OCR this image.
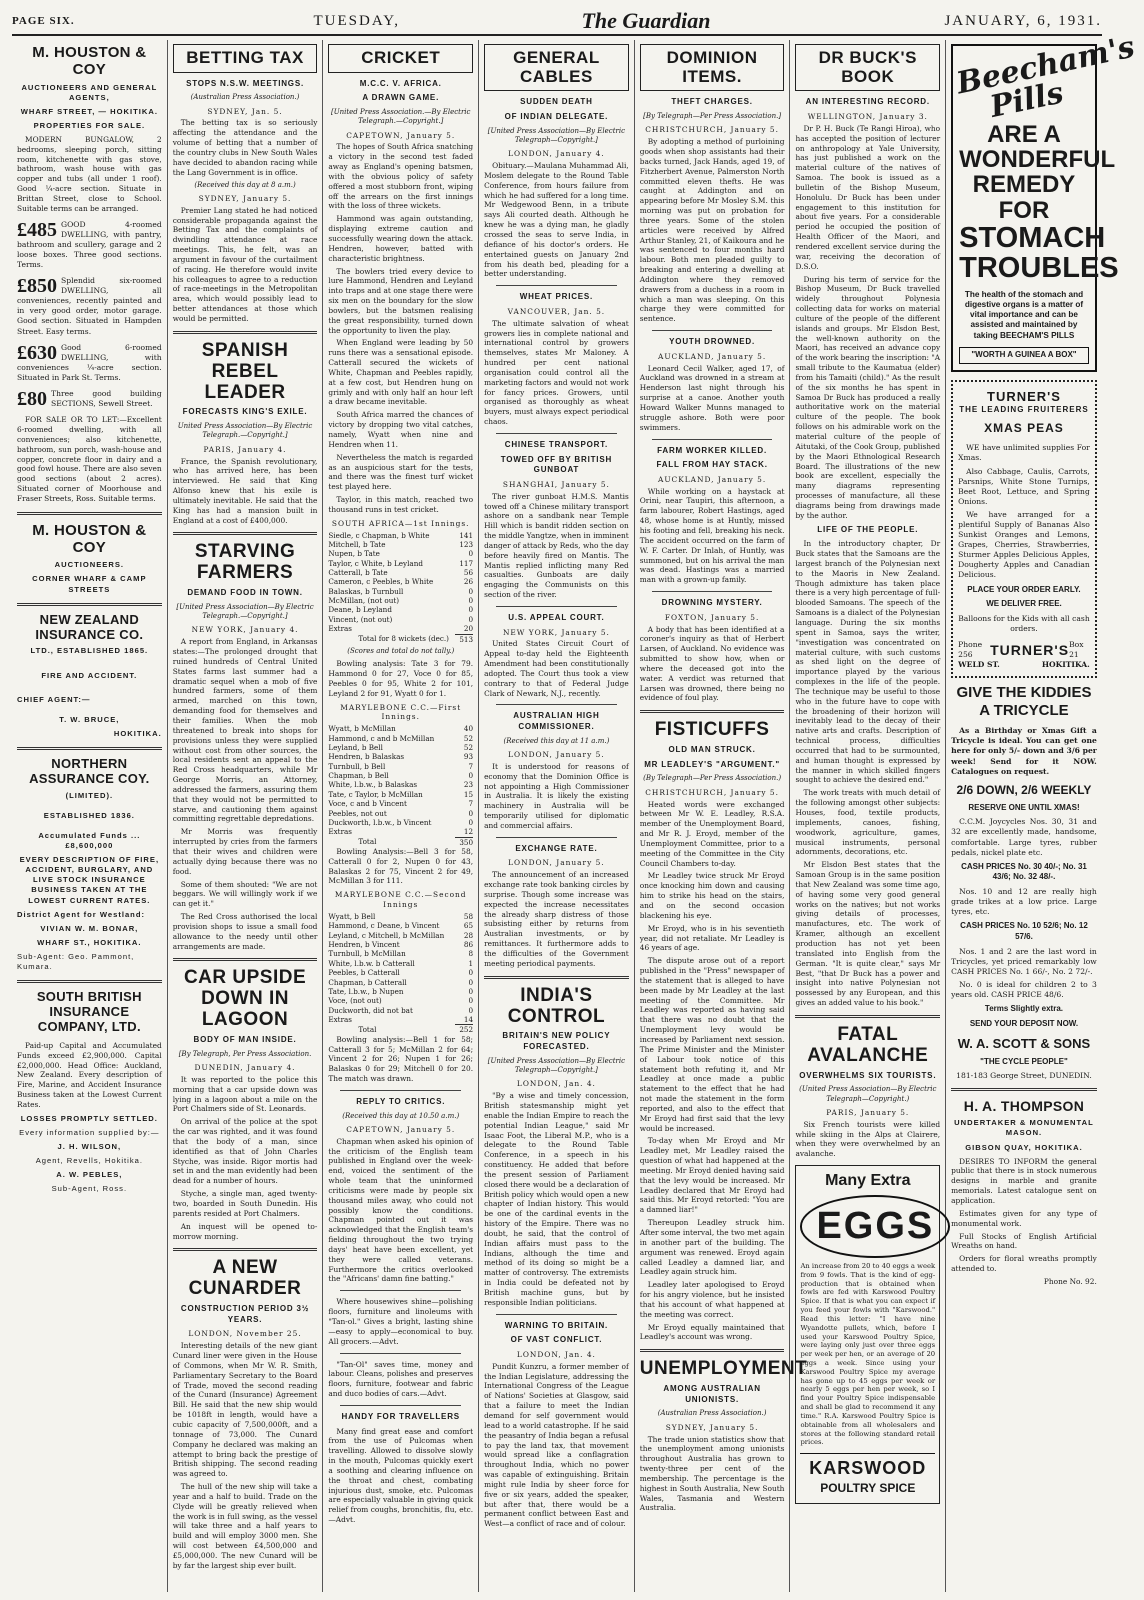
PAGE SIX.	TUESDAY,	The Guardian	JANUARY, 6, 1931.
M. HOUSTON & COY
AUCTIONEERS AND GENERAL AGENTS,
WHARF STREET, — HOKITIKA.
PROPERTIES FOR SALE.

MODERN BUNGALOW, 2 bedrooms, sleeping porch, sitting room, kitchenette with gas stove, bathroom, wash house with gas copper and tubs (all under 1 roof). Good ¼-acre section. Situate in Brittan Street, close to School. Suitable terms can be arranged.

£485 GOOD 4-roomed DWELLING, with pantry, bathroom and scullery, garage and 2 loose boxes. Three good sections. Terms.
£850 Splendid six-roomed DWELLING, all conveniences, recently painted and in very good order, motor garage. Good section. Situated in Hampden Street. Easy terms.
£630 Good 6-roomed DWELLING, with conveniences ¼-acre section. Situated in Park St. Terms.
£80 Three good building SECTIONS, Sewell Street.

FOR SALE OR TO LET:—Excellent 6-roomed dwelling, with all conveniences; also kitchenette, bathroom, sun porch, wash-house and copper, concrete floor in dairy and a good fowl house. There are also seven good sections (about 2 acres). Situated corner of Moorhouse and Fraser Streets, Ross. Suitable terms.

M. HOUSTON & COY
AUCTIONEERS.
CORNER WHARF & CAMP STREETS
NEW ZEALAND INSURANCE CO.
LTD., ESTABLISHED 1865.
FIRE AND ACCIDENT.
CHIEF AGENT:—
T. W. BRUCE,
HOKITIKA.
NORTHERN ASSURANCE COY.
(LIMITED).
ESTABLISHED 1836.
Accumulated Funds ... £8,600,000
EVERY DESCRIPTION OF FIRE, ACCIDENT, BURGLARY, AND LIVE STOCK INSURANCE BUSINESS TAKEN AT THE LOWEST CURRENT RATES.
District Agent for Westland:
VIVIAN W. M. BONAR,
WHARF ST., HOKITIKA.
Sub-Agent: Geo. Pammont, Kumara.
SOUTH BRITISH INSURANCE COMPANY, LTD.

Paid-up Capital and Accumulated Funds exceed £2,900,000. Capital £2,000,000. Head Office: Auckland, New Zealand. Every description of Fire, Marine, and Accident Insurance Business taken at the Lowest Current Rates.

LOSSES PROMPTLY SETTLED.
Every information supplied by:—
J. H. WILSON,
Agent, Revells, Hokitika.
A. W. PEBLES,
Sub-Agent, Ross.
BETTING TAX
STOPS N.S.W. MEETINGS.
(Australian Press Association.)
SYDNEY, Jan. 5.

The betting tax is so seriously affecting the attendance and the volume of betting that a number of the country clubs in New South Wales have decided to abandon racing while the Lang Government is in office.

(Received this day at 8 a.m.)
SYDNEY, January 5.

Premier Lang stated he had noticed considerable propaganda against the Betting Tax and the complaints of dwindling attendance at race meetings. This, he felt, was an argument in favour of the curtailment of racing. He therefore would invite his colleagues to agree to a reduction of race-meetings in the Metropolitan area, which would possibly lead to better attendances at those which would be permitted.

SPANISH REBEL LEADER
FORECASTS KING'S EXILE.
United Press Association—By Electric Telegraph.—Copyright.]
PARIS, January 4.

France, the Spanish revolutionary, who has arrived here, has been interviewed. He said that King Alfonso knew that his exile is ultimately inevitable. He said that the King has had a mansion built in England at a cost of £400,000.

STARVING FARMERS
DEMAND FOOD IN TOWN.
[United Press Association—By Electric Telegraph.—Copyright.]
NEW YORK, January 4.

A report from England, in Arkansas states:—The prolonged drought that ruined hundreds of Central United States farms last summer had a dramatic sequel when a mob of five hundred farmers, some of them armed, marched on this town, demanding food for themselves and their families. When the mob threatened to break into shops for provisions unless they were supplied without cost from other sources, the local residents sent an appeal to the Red Cross headquarters, while Mr George Morris, an Attorney, addressed the farmers, assuring them that they would not be permitted to starve, and cautioning them against committing regrettable depredations.

Mr Morris was frequently interrupted by cries from the farmers that their wives and children were actually dying because there was no food.

Some of them shouted: "We are not beggars. We will willingly work if we can get it."

The Red Cross authorised the local provision shops to issue a small food allowance to the needy until other arrangements are made.

CAR UPSIDE DOWN IN LAGOON
BODY OF MAN INSIDE.
[By Telegraph, Per Press Association.
DUNEDIN, January 4.

It was reported to the police this morning that a car upside down was lying in a lagoon about a mile on the Port Chalmers side of St. Leonards.

On arrival of the police at the spot the car was righted, and it was found that the body of a man, since identified as that of John Charles Styche, was inside. Rigor mortis had set in and the man evidently had been dead for a number of hours.

Styche, a single man, aged twenty-two, boarded in South Dunedin. His parents resided at Port Chalmers.

An inquest will be opened to-morrow morning.

A NEW CUNARDER
CONSTRUCTION PERIOD 3½ YEARS.
LONDON, November 25.

Interesting details of the new giant Cunard liner were given in the House of Commons, when Mr W. R. Smith, Parliamentary Secretary to the Board of Trade, moved the second reading of the Cunard (Insurance) Agreement Bill. He said that the new ship would be 1018ft in length, would have a cubic capacity of 7,500,000ft, and a tonnage of 73,000. The Cunard Company he declared was making an attempt to bring back the prestige of British shipping. The second reading was agreed to.

The hull of the new ship will take a year and a half to build. Trade on the Clyde will be greatly relieved when the work is in full swing, as the vessel will take three and a half years to build and will employ 3000 men. She will cost between £4,500,000 and £5,000,000. The new Cunard will be by far the largest ship ever built.

CRICKET
M.C.C. V. AFRICA.
A DRAWN GAME.
[United Press Association.—By Electric Telegraph.—Copyright.]
CAPETOWN, January 5.

The hopes of South Africa snatching a victory in the second test faded away as England's opening batsmen, with the obvious policy of safety offered a most stubborn front, wiping off the arrears on the first innings with the loss of three wickets.

Hammond was again outstanding, displaying extreme caution and successfully wearing down the attack. Hendren, however, batted with characteristic brightness.

The bowlers tried every device to lure Hammond, Hendren and Leyland into traps and at one stage there were six men on the boundary for the slow bowlers, but the batsmen realising the great responsibility, turned down the opportunity to liven the play.

When England were leading by 50 runs there was a sensational episode. Catterall secured the wickets of White, Chapman and Peebles rapidly, at a few cost, but Hendren hung on grimly and with only half an hour left a draw became inevitable.

South Africa marred the chances of victory by dropping two vital catches, namely, Wyatt when nine and Hendren when 11.

Nevertheless the match is regarded as an auspicious start for the tests, and there was the finest turf wicket test played here.

Taylor, in this match, reached two thousand runs in test cricket.

SOUTH AFRICA—1st Innings.
Siedle, c Chapman, b White	141
Mitchell, b Tate	123
Nupen, b Tate	0
Taylor, c White, b Leyland	117
Catterall, b Tate	56
Cameron, c Peebles, b White	26
Balaskas, b Turnbull	0
McMillan, (not out)	0
Deane, b Leyland	0
Vincent, (not out)	0
Extras	20
Total for 8 wickets (dec.)	513
(Scores and total do not tally.)

Bowling analysis: Tate 3 for 79. Hammond 0 for 27, Voce 0 for 85, Peebles 0 for 95, White 2 for 101, Leyland 2 for 91, Wyatt 0 for 1.

MARYLEBONE C.C.—First Innings.
Wyatt, b McMillan	40
Hammond, c and b McMillan	52
Leyland, b Bell	52
Hendren, b Balaskas	93
Turnbull, b Bell	7
Chapman, b Bell	0
White, l.b.w., b Balaskas	23
Tate, c Taylor, b McMillan	15
Voce, c and b Vincent	7
Peebles, not out	0
Duckworth, l.b.w., b Vincent	0
Extras	12
Total	350

Bowling Analysis:—Bell 3 for 58, Catterall 0 for 2, Nupen 0 for 43, Balaskas 2 for 75, Vincent 2 for 49, McMillan 3 for 111.

MARYLEBONE C.C.—Second Innings
Wyatt, b Bell	58
Hammond, c Deane, b Vincent	65
Leyland, c Mitchell, b McMillan	28
Hendren, b Vincent	86
Turnbull, b McMillan	8
White, l.b.w. b Catterall	1
Peebles, b Catterall	0
Chapman, b Catterall	0
Tate, l.b.w., b Nupen	0
Voce, (not out)	0
Duckworth, did not bat	0
Extras	14
Total	252

Bowling analysis:—Bell 1 for 58; Catterall 3 for 5; McMillan 2 for 64; Vincent 2 for 26; Nupen 1 for 26; Balaskas 0 for 29; Mitchell 0 for 20. The match was drawn.

REPLY TO CRITICS.
(Received this day at 10.50 a.m.)
CAPETOWN, January 5.

Chapman when asked his opinion of the criticism of the English team published in England over the week-end, voiced the sentiment of the whole team that the uninformed criticisms were made by people six thousand miles away, who could not possibly know the conditions. Chapman pointed out it was acknowledged that the English team's fielding throughout the two trying days' heat have been excellent, yet they were called veterans. Furthermore the critics overlooked the "Africans' damn fine batting."

Where housewives shine—polishing floors, furniture and linoleums with "Tan-ol." Gives a bright, lasting shine—easy to apply—economical to buy. All grocers.—Advt.

"Tan-Ol" saves time, money and labour. Cleans, polishes and preserves floors, furniture, footwear and fabric and duco bodies of cars.—Advt.

HANDY FOR TRAVELLERS

Many find great ease and comfort from the use of Pulcomas when travelling. Allowed to dissolve slowly in the mouth, Pulcomas quickly exert a soothing and clearing influence on the throat and chest, combating injurious dust, smoke, etc. Pulcomas are especially valuable in giving quick relief from coughs, bronchitis, flu, etc.—Advt.

GENERAL CABLES
SUDDEN DEATH
OF INDIAN DELEGATE.
[United Press Association—By Electric Telegraph—Copyright.]
LONDON, January 4.

Obituary.—Maulana Muhammad Ali, Moslem delegate to the Round Table Conference, from hours failure from which he had suffered for a long time. Mr Wedgewood Benn, in a tribute says Ali courted death. Although he knew he was a dying man, he gladly crossed the seas to serve India, in defiance of his doctor's orders. He entertained guests on January 2nd from his death bed, pleading for a better understanding.

WHEAT PRICES.
VANCOUVER, Jan. 5.

The ultimate salvation of wheat growers lies in complete national and international control by growers themselves, states Mr Maloney. A hundred per cent national organisation could control all the marketing factors and would not work for fancy prices. Growers, until organised as thoroughly as wheat buyers, must always expect periodical chaos.

CHINESE TRANSPORT.
TOWED OFF BY BRITISH GUNBOAT
SHANGHAI, January 5.

The river gunboat H.M.S. Mantis towed off a Chinese military transport ashore on a sandbank near Temple Hill which is bandit ridden section on the middle Yangtze, when in imminent danger of attack by Reds, who the day before heavily fired on Mantis. The Mantis replied inflicting many Red casualties. Gunboats are daily engaging the Communists on this section of the river.

U.S. APPEAL COURT.
NEW YORK, January 5.

United States Circuit Court of Appeal to-day held the Eighteenth Amendment had been constitutionally adopted. The Court thus took a view contrary to that of Federal Judge Clark of Newark, N.J., recently.

AUSTRALIAN HIGH COMMISSIONER.
(Received this day at 11 a.m.)
LONDON, January 5.

It is understood for reasons of economy that the Dominion Office is not appointing a High Commissioner in Australia. It is likely the existing machinery in Australia will be temporarily utilised for diplomatic and commercial affairs.

EXCHANGE RATE.
LONDON, January 5.

The announcement of an increased exchange rate took banking circles by surprise. Though some increase was expected the increase necessitates the already sharp distress of those subsisting either by returns from Australian investments, or by remittances. It furthermore adds to the difficulties of the Government meeting periodical payments.

INDIA'S CONTROL
BRITAIN'S NEW POLICY FORECASTED.
[United Press Association—By Electric Telegraph—Copyright.]
LONDON, Jan. 4.

"By a wise and timely concession, British statesmanship might yet enable the Indian Empire to reach the potential Indian League," said Mr Isaac Foot, the Liberal M.P., who is a delegate to the Round Table Conference, in a speech in his constituency. He added that before the present session of Parliament closed there would be a declaration of British policy which would open a new chapter of Indian history. This would be one of the cardinal events in the history of the Empire. There was no doubt, he said, that the control of Indian affairs must pass to the Indians, although the time and method of its doing so might be a matter of controversy. The extremists in India could be defeated not by British machine guns, but by responsible Indian politicians.

WARNING TO BRITAIN.
OF VAST CONFLICT.
LONDON, Jan. 4.

Pundit Kunzru, a former member of the Indian Legislature, addressing the International Congress of the League of Nations' Societies at Glasgow, said that a failure to meet the Indian demand for self government would lead to a world catastrophe. If he said the peasantry of India began a refusal to pay the land tax, that movement would spread like a conflagration throughout India, which no power was capable of extinguishing. Britain might rule India by sheer force for five or six years, added the speaker, but after that, there would be a permanent conflict between East and West—a conflict of race and of colour.

DOMINION ITEMS.
THEFT CHARGES.
[By Telegraph—Per Press Association.]
CHRISTCHURCH, January 5.

By adopting a method of purloining goods when shop assistants had their backs turned, Jack Hands, aged 19, of Fitzherbert Avenue, Palmerston North committed eleven thefts. He was caught at Addington and on appearing before Mr Mosley S.M. this morning was put on probation for three years. Some of the stolen articles were received by Alfred Arthur Stanley, 21, of Kaikoura and he was sentenced to four months hard labour. Both men pleaded guilty to breaking and entering a dwelling at Addington where they removed drawers from a duchess in a room in which a man was sleeping. On this charge they were committed for sentence.

YOUTH DROWNED.
AUCKLAND, January 5.

Leonard Cecil Walker, aged 17, of Auckland was drowned in a stream at Henderson last night through his surprise at a canoe. Another youth Howard Walker Munns managed to struggle ashore. Both were poor swimmers.

FARM WORKER KILLED.
FALL FROM HAY STACK.
AUCKLAND, January 5.

While working on a haystack at Orini, near Taupiri, this afternoon, a farm labourer, Robert Hastings, aged 48, whose home is at Huntly, missed his footing and fell, breaking his neck. The accident occurred on the farm of W. F. Carter. Dr Inlah, of Huntly, was summoned, but on his arrival the man was dead. Hastings was a married man with a grown-up family.

DROWNING MYSTERY.
FOXTON, January 5.

A body that has been identified at a coroner's inquiry as that of Herbert Larsen, of Auckland. No evidence was submitted to show how, when or where the deceased got into the water. A verdict was returned that Larsen was drowned, there being no evidence of foul play.

FISTICUFFS
OLD MAN STRUCK.
MR LEADLEY'S "ARGUMENT."
(By Telegraph—Per Press Association.)
CHRISTCHURCH, January 5.

Heated words were exchanged between Mr W. E. Leadley, R.S.A. member of the Unemployment Board, and Mr R. J. Eroyd, member of the Unemployment Committee, prior to a meeting of the Committee in the City Council Chambers to-day.

Mr Leadley twice struck Mr Eroyd once knocking him down and causing him to strike his head on the stairs, and on the second occasion blackening his eye.

Mr Eroyd, who is in his seventieth year, did not retaliate. Mr Leadley is 46 years of age.

The dispute arose out of a report published in the "Press" newspaper of the statement that is alleged to have been made by Mr Leadley at the last meeting of the Committee. Mr Leadley was reported as having said that there was no doubt that the Unemployment levy would be increased by Parliament next session. The Prime Minister and the Minister of Labour took notice of this statement both refuting it, and Mr Leadley at once made a public statement to the effect that he had not made the statement in the form reported, and also to the effect that Mr Eroyd had first said that the levy would be increased.

To-day when Mr Eroyd and Mr Leadley met, Mr Leadley raised the question of what had happened at the meeting. Mr Eroyd denied having said that the levy would be increased. Mr Leadley declared that Mr Eroyd had said this. Mr Eroyd retorted: "You are a damned liar!"

Thereupon Leadley struck him. After some interval, the two met again in another part of the building. The argument was renewed. Eroyd again called Leadley a damned liar, and Leadley again struck him.

Leadley later apologised to Eroyd for his angry violence, but he insisted that his account of what happened at the meeting was correct.

Mr Eroyd equally maintained that Leadley's account was wrong.

UNEMPLOYMENT
AMONG AUSTRALIAN UNIONISTS.
(Australian Press Association.)
SYDNEY, January 5.

The trade union statistics show that the unemployment among unionists throughout Australia has grown to twenty-three per cent of the membership. The percentage is the highest in South Australia, New South Wales, Tasmania and Western Australia.

DR BUCK'S BOOK
AN INTERESTING RECORD.
WELLINGTON, January 3.

Dr P. H. Buck (Te Rangi Hiroa), who has accepted the position of lecturer on anthropology at Yale University, has just published a work on the material culture of the natives of Samoa. The book is issued as a bulletin of the Bishop Museum, Honolulu. Dr Buck has been under engagement to this institution for about five years. For a considerable period he occupied the position of Health Officer of the Maori, and rendered excellent service during the war, receiving the decoration of D.S.O.

During his term of service for the Bishop Museum, Dr Buck travelled widely throughout Polynesia collecting data for works on material culture of the people of the different islands and groups. Mr Elsdon Best, the well-known authority on the Maori, has received an advance copy of the work bearing the inscription: "A small tribute to the Kaumatua (elder) from his Tamaiti (child)." As the result of the six months he has spent in Samoa Dr Buck has produced a really authoritative work on the material culture of the people. The book follows on his admirable work on the material culture of the people of Aitutaki, of the Cook Group, published by the Maori Ethnological Research Board. The illustrations of the new book are excellent, especially the many diagrams representing processes of manufacture, all these diagrams being from drawings made by the author.

LIFE OF THE PEOPLE.

In the introductory chapter, Dr Buck states that the Samoans are the largest branch of the Polynesian next to the Maoris in New Zealand. Though admixture has taken place there is a very high percentage of full-blooded Samoans. The speech of the Samoans is a dialect of the Polynesian language. During the six months spent in Samoa, says the writer, "investigation was concentrated on material culture, with such customs as shed light on the degree of importance played by the various complexes in the life of the people. The technique may be useful to those who in the future have to cope with the broadening of their horizon will inevitably lead to the decay of their native arts and crafts. Description of technical process, difficulties occurred that had to be surmounted, and human thought is expressed by the manner in which skilled fingers sought to achieve the desired end."

The work treats with much detail of the following amongst other subjects: Houses, food, textile products, implements, canoes, fishing, woodwork, agriculture, games, musical instruments, personal adornments, decorations, etc.

Mr Elsdon Best states that the Samoan Group is in the same position that New Zealand was some time ago, of having some very good general works on the natives; but not works giving details of processes, manufactures, etc. The work of Kramer, although an excellent production has not yet been translated into English from the German. "It is quite clear," says Mr Best, "that Dr Buck has a power and insight into native Polynesian not possessed by any European, and this gives an added value to his book."

FATAL AVALANCHE
OVERWHELMS SIX TOURISTS.
(United Press Association—By Electric Telegraph—Copyright.)
PARIS, January 5.

Six French tourists were killed while skiing in the Alps at Clairere, when they were overwhelmed by an avalanche.

Many Extra
EGGS
An increase from 20 to 40 eggs a week from 9 fowls. That is the kind of egg-production that is obtained when fowls are fed with Karswood Poultry Spice. If that is what you can expect if you feed your fowls with "Karswood." Read this letter: "I have nine Wyandotte pullets, which, before I used your Karswood Poultry Spice, were laying only just over three eggs per week per hen, or an average of 20 eggs a week. Since using your Karswood Poultry Spice my average has gone up to 45 eggs per week or nearly 5 eggs per hen per week, so I find your Poultry Spice indispensable and shall be glad to recommend it any time." R.A. Karswood Poultry Spice is obtainable from all wholesalers and stores at the following standard retail prices.
KARSWOOD
POULTRY SPICE
Beecham's Pills
ARE A
WONDERFUL
REMEDY
FOR
STOMACH
TROUBLES
The health of the stomach and digestive organs is a matter of vital importance and can be assisted and maintained by taking BEECHAM'S PILLS
"WORTH A GUINEA A BOX"
TURNER'S
THE LEADING FRUITERERS
XMAS PEAS

WE have unlimited supplies For Xmas.

Also Cabbage, Caulis, Carrots, Parsnips, White Stone Turnips, Beet Root, Lettuce, and Spring Onions.

We have arranged for a plentiful Supply of Bananas Also Sunkist Oranges and Lemons, Grapes, Cherries, Strawberries, Sturmer Apples Delicious Apples, Dougherty Apples and Canadian Delicious.

PLACE YOUR ORDER EARLY.
WE DELIVER FREE.
Balloons for the Kids with all cash orders.
Phone 256	TURNER'S Box 21
WELD ST.	HOKITIKA.
GIVE THE KIDDIES A TRICYCLE

As a Birthday or Xmas Gift a Tricycle is ideal. You can get one here for only 5/- down and 3/6 per week! Send for it NOW. Catalogues on request.

2/6 DOWN, 2/6 WEEKLY
RESERVE ONE UNTIL XMAS!

C.C.M. Joycycles Nos. 30, 31 and 32 are excellently made, handsome, comfortable. Large tyres, rubber pedals, nickel plate etc.

CASH PRICES No. 30 40/-; No. 31 43/6; No. 32 48/-.

Nos. 10 and 12 are really high grade trikes at a low price. Large tyres, etc.

CASH PRICES No. 10 52/6; No. 12 57/6.

Nos. 1 and 2 are the last word in Tricycles, yet priced remarkably low CASH PRICES No. 1 66/-, No. 2 72/-.

No. 0 is ideal for children 2 to 3 years old. CASH PRICE 48/6.

Terms Slightly extra.
SEND YOUR DEPOSIT NOW.
W. A. SCOTT & SONS
"THE CYCLE PEOPLE"
181-183 George Street, DUNEDIN.
H. A. THOMPSON
UNDERTAKER & MONUMENTAL MASON.
GIBSON QUAY, HOKITIKA.

DESIRES TO INFORM the general public that there is in stock numerous designs in marble and granite memorials. Latest catalogue sent on application.

Estimates given for any type of monumental work.

Full Stocks of English Artificial Wreaths on hand.

Orders for floral wreaths promptly attended to.

Phone No. 92.
